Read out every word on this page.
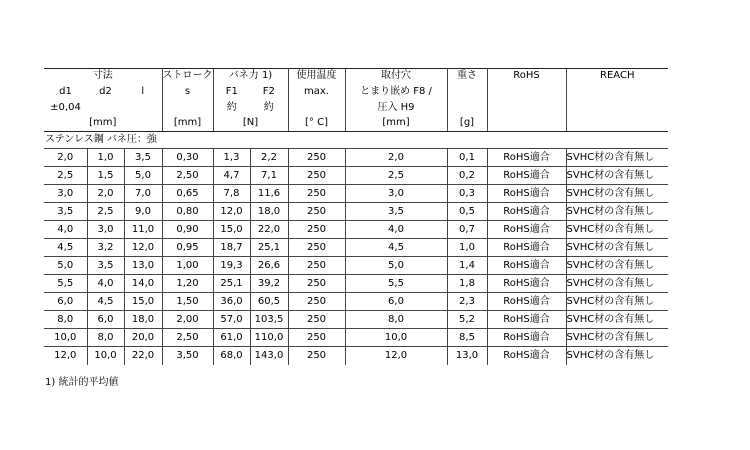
寸法			ストローク	バネ力 1)		使用温度	取付穴	重さ	RoHS	REACH
d1	d2	l	s	F1	F2	max.	とまり嵌め F8 /			
±0,04				約	約		圧入 H9			
[mm]			[mm]	[N]		[° C]	[mm]	[g]		
ステンレス鋼 バネ圧：強										
2,0	1,0	3,5	0,30	1,3	2,2	250	2,0	0,1	RoHS適合	SVHC材の含有無し
2,5	1,5	5,0	2,50	4,7	7,1	250	2,5	0,2	RoHS適合	SVHC材の含有無し
3,0	2,0	7,0	0,65	7,8	11,6	250	3,0	0,3	RoHS適合	SVHC材の含有無し
3,5	2,5	9,0	0,80	12,0	18,0	250	3,5	0,5	RoHS適合	SVHC材の含有無し
4,0	3,0	11,0	0,90	15,0	22,0	250	4,0	0,7	RoHS適合	SVHC材の含有無し
4,5	3,2	12,0	0,95	18,7	25,1	250	4,5	1,0	RoHS適合	SVHC材の含有無し
5,0	3,5	13,0	1,00	19,3	26,6	250	5,0	1,4	RoHS適合	SVHC材の含有無し
5,5	4,0	14,0	1,20	25,1	39,2	250	5,5	1,8	RoHS適合	SVHC材の含有無し
6,0	4,5	15,0	1,50	36,0	60,5	250	6,0	2,3	RoHS適合	SVHC材の含有無し
8,0	6,0	18,0	2,00	57,0	103,5	250	8,0	5,2	RoHS適合	SVHC材の含有無し
10,0	8,0	20,0	2,50	61,0	110,0	250	10,0	8,5	RoHS適合	SVHC材の含有無し
12,0	10,0	22,0	3,50	68,0	143,0	250	12,0	13,0	RoHS適合	SVHC材の含有無し
1) 統計的平均値
